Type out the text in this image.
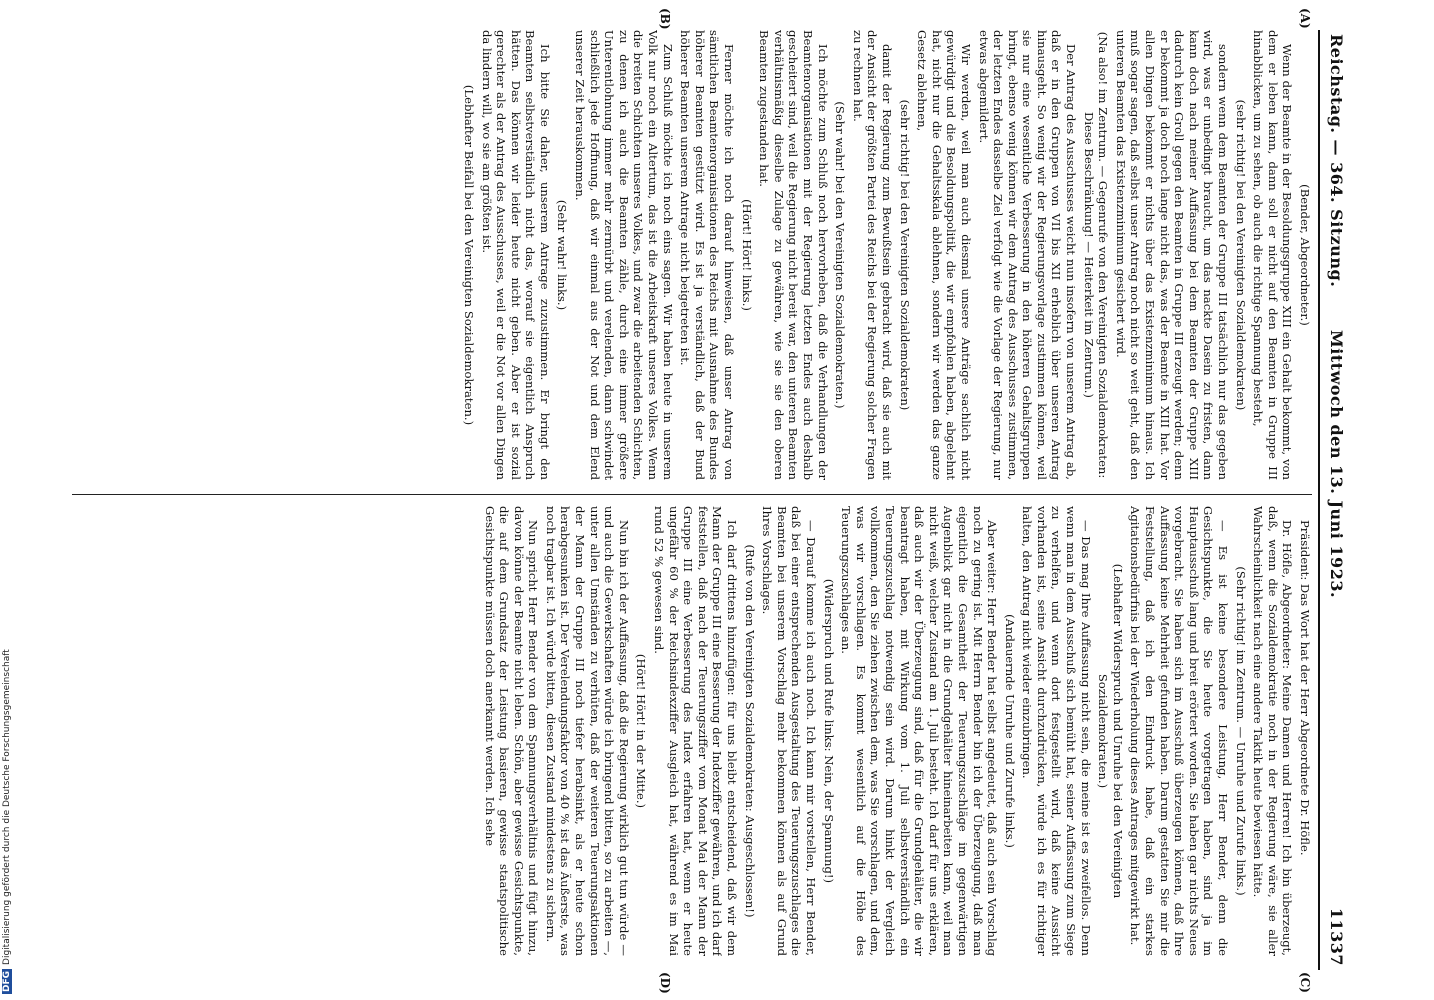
Reichstag. — 364. Sitzung.
Mittwoch den 13. Juni 1923.
11337
(A)
(B)
(C)
(D)

(Bender, Abgeordneter.)

Wenn der Beamte in der Besoldungsgruppe XIII ein Gehalt bekommt, von dem er leben kann, dann soll er nicht auf den Beamten in Gruppe III hinabblicken, um zu sehen, ob auch die richtige Spannung besteht,

(sehr richtig! bei den Vereinigten Sozialdemokraten)

sondern wenn dem Beamten der Gruppe III tatsächlich nur das gegeben wird, was er unbedingt braucht, um das nackte Dasein zu fristen, dann kann doch nach meiner Auffassung bei dem Beamten der Gruppe XIII dadurch kein Groll gegen den Beamten in Gruppe III erzeugt werden; denn er bekommt ja doch noch lange nicht das, was der Beamte in XIII hat. Vor allen Dingen bekommt er nichts über das Existenzminimum hinaus. Ich muß sogar sagen, daß selbst unser Antrag noch nicht so weit geht, daß den unteren Beamten das Existenzminimum gesichert wird.

(Na also! im Zentrum. — Gegenrufe von den Vereinigten Sozialdemokraten: Diese Beschränkung! — Heiterkeit im Zentrum.)

Der Antrag des Ausschusses weicht nun insofern von unserem Antrag ab, daß er in den Gruppen von VII bis XII erheblich über unseren Antrag hinausgeht. So wenig wir der Regierungsvorlage zustimmen können, weil sie nur eine wesentliche Verbesserung in den höheren Gehaltsgruppen bringt, ebenso wenig können wir dem Antrag des Ausschusses zustimmen, der letzten Endes dasselbe Ziel verfolgt wie die Vorlage der Regierung, nur etwas abgemildert.

Wir werden, weil man auch diesmal unsere Anträge sachlich nicht gewürdigt und die Besoldungspolitik, die wir empfohlen haben, abgelehnt hat, nicht nur die Gehaltsskala ablehnen, sondern wir werden das ganze Gesetz ablehnen,

(sehr richtig! bei den Vereinigten Sozialdemokraten)

damit der Regierung zum Bewußtsein gebracht wird, daß sie auch mit der Ansicht der größten Partei des Reichs bei der Regierung solcher Fragen zu rechnen hat.

(Sehr wahr! bei den Vereinigten Sozialdemokraten.)

Ich möchte zum Schluß noch hervorheben, daß die Verhandlungen der Beamtenorganisationen mit der Regierung letzten Endes auch deshalb gescheitert sind, weil die Regierung nicht bereit war, den unteren Beamten verhältnismäßig dieselbe Zulage zu gewähren, wie sie sie den oberen Beamten zugestanden hat.

(Hört! Hört! links.)

Ferner möchte ich noch darauf hinweisen, daß unser Antrag von sämtlichen Beamtenorganisationen des Reichs mit Ausnahme des Bundes höherer Beamten gestützt wird. Es ist ja verständlich, daß der Bund höherer Beamten unserem Antrage nicht beigetreten ist.

Zum Schluß möchte ich noch eins sagen. Wir haben heute in unserem Volk nur noch ein Altertum, das ist die Arbeitskraft unseres Volkes. Wenn die breiten Schichten unseres Volkes, und zwar die arbeitenden Schichten, zu denen ich auch die Beamten zähle, durch eine immer größere Unterentlohnung immer mehr zermürbt und verelenden, dann schwindet schließlich jede Hoffnung, daß wir einmal aus der Not und dem Elend unserer Zeit herauskommen.

(Sehr wahr! links.)

Ich bitte Sie daher, unserem Antrage zuzustimmen. Er bringt den Beamten selbstverständlich nicht das, worauf sie eigentlich Anspruch hätten. Das können wir leider heute nicht geben. Aber er ist sozial gerechter als der Antrag des Ausschusses, weil er die Not vor allen Dingen da lindern will, wo sie am größten ist.

(Lebhafter Beifall bei den Vereinigten Sozialdemokraten.)

Präsident: Das Wort hat der Herr Abgeordnete Dr. Höfle.

Dr. Höfle, Abgeordneter: Meine Damen und Herren! Ich bin überzeugt, daß, wenn die Sozialdemokratie noch in der Regierung wäre, sie aller Wahrscheinlichkeit nach eine andere Taktik heute bewiesen hätte.

(Sehr richtig! im Zentrum. — Unruhe und Zurufe links.)

— Es ist keine besondere Leistung, Herr Bender, denn die Gesichtspunkte, die Sie heute vorgetragen haben, sind ja im Hauptausschuß lang und breit erörtert worden. Sie haben gar nichts Neues vorgebracht. Sie haben sich im Ausschuß überzeugen können, daß Ihre Auffassung keine Mehrheit gefunden haben. Darum gestatten Sie mir die Feststellung, daß ich den Eindruck habe, daß ein starkes Agitationsbedürfnis bei der Wiederholung dieses Antrages mitgewirkt hat.

(Lebhafter Widerspruch und Unruhe bei den Vereinigten Sozialdemokraten.)

— Das mag Ihre Auffassung nicht sein, die meine ist es zweifellos. Denn wenn man in dem Ausschuß sich bemüht hat, seiner Auffassung zum Siege zu verhelfen, und wenn dort festgestellt wird, daß keine Aussicht vorhanden ist, seine Ansicht durchzudrücken, würde ich es für richtiger halten, den Antrag nicht wieder einzubringen.

(Andauernde Unruhe und Zurufe links.)

Aber weiter: Herr Bender hat selbst angedeutet, daß auch sein Vorschlag noch zu gering ist. Mit Herrn Bender bin ich der Überzeugung, daß man eigentlich die Gesamtheit der Teuerungszuschläge im gegenwärtigen Augenblick gar nicht in die Grundgehälter hineinarbeiten kann, weil man nicht weiß, welcher Zustand am 1. Juli besteht. Ich darf für uns erklären, daß auch wir der Überzeugung sind, daß für die Grundgehälter, die wir beantragt haben, mit Wirkung vom 1. Juli selbstverständlich ein Teuerungszuschlag notwendig sein wird. Darum hinkt der Vergleich vollkommen, den Sie ziehen zwischen dem, was Sie vorschlagen, und dem, was wir vorschlagen. Es kommt wesentlich auf die Höhe des Teuerungszuschlages an.

(Widerspruch und Rufe links: Nein, der Spannung!)

— Darauf komme ich auch noch. Ich kann mir vorstellen, Herr Bender, daß bei einer entsprechenden Ausgestaltung des Teuerungszuschlages die Beamten bei unserem Vorschlag mehr bekommen können als auf Grund Ihres Vorschlages.

(Rufe von den Vereinigten Sozialdemokraten: Ausgeschlossen!)

Ich darf drittens hinzufügen: für uns bleibt entscheidend, daß wir dem Mann der Gruppe III eine Besserung der Indexziffer gewähren, und ich darf feststellen, daß nach der Teuerungsziffer vom Monat Mai der Mann der Gruppe III eine Verbesserung des Index erfahren hat, wenn er heute ungefähr 60 % der Reichsindexziffer Ausgleich hat, während es im Mai rund 52 % gewesen sind.

(Hört! Hört! in der Mitte.)

Nun bin ich der Auffassung, daß die Regierung wirklich gut tun würde — und auch die Gewerkschaften würde ich bringend bitten, so zu arbeiten —, unter allen Umständen zu verhüten, daß der weiteren Teuerungsaktionen der Mann der Gruppe III noch tiefer herabsinkt, als er heute schon herabgesunken ist. Der Verelendungsfaktor von 40 % ist das Äußerste, was noch tragbar ist. Ich würde bitten, diesen Zustand mindestens zu sichern.

Nun spricht Herr Bender von dem Spannungsverhältnis und fügt hinzu, davon könne der Beamte nicht leben. Schön, aber gewisse Gesichtspunkte, die auf dem Grundsatz der Leistung basieren, gewisse staatspolitische Gesichtspunkte müssen doch anerkannt werden. Ich sehe

DFGDigitalisierung gefördert durch die Deutsche Forschungsgemeinschaft
